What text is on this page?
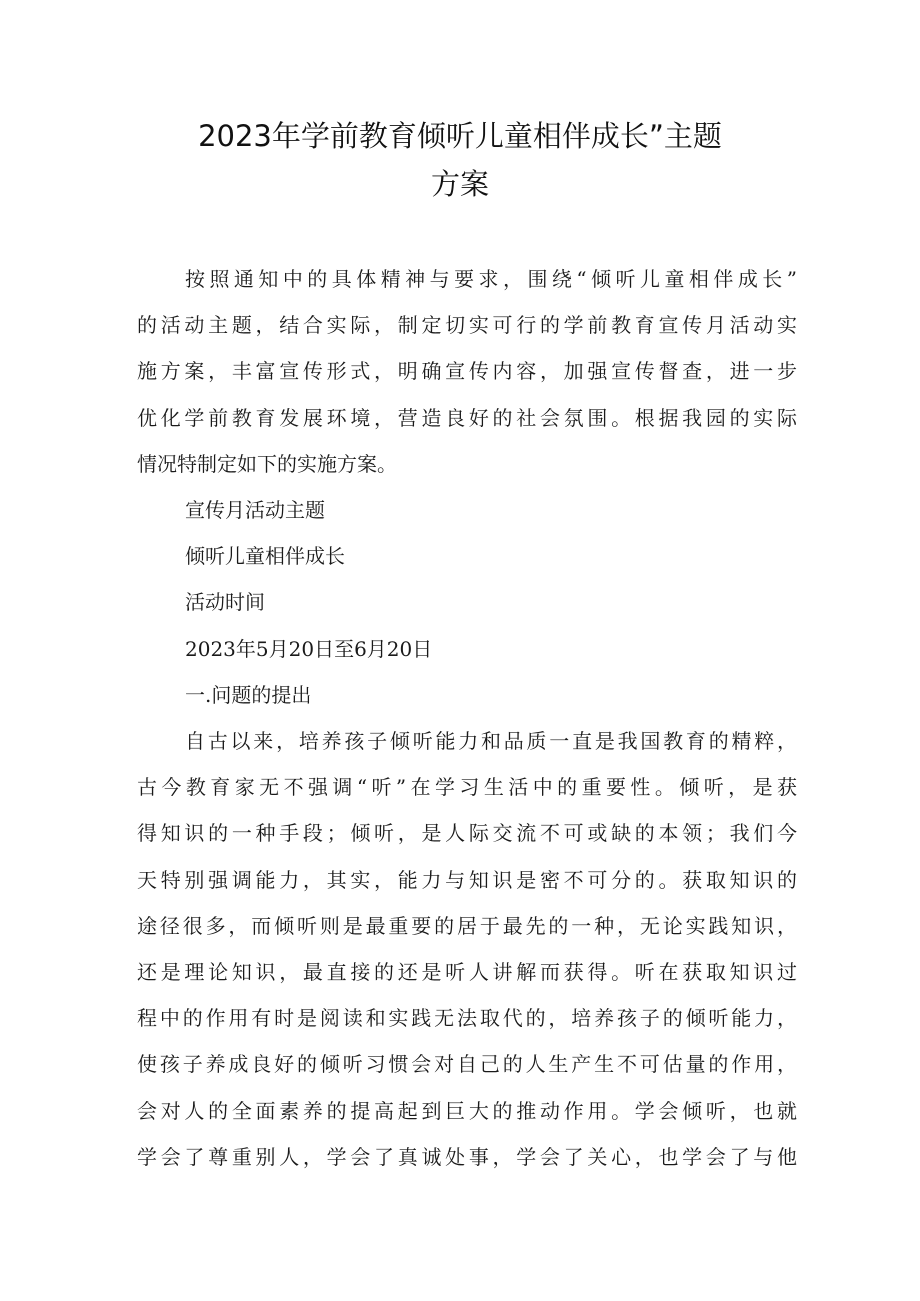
2023年学前教育倾听儿童相伴成长”主题
方案
按照通知中的具体精神与要求，围绕“倾听儿童相伴成长”
的活动主题，结合实际，制定切实可行的学前教育宣传月活动实
施方案，丰富宣传形式，明确宣传内容，加强宣传督查，进一步
优化学前教育发展环境，营造良好的社会氛围。根据我园的实际
情况特制定如下的实施方案。
宣传月活动主题
倾听儿童相伴成长
活动时间
2023年5月20日至6月20日
一.问题的提出
自古以来，培养孩子倾听能力和品质一直是我国教育的精粹，
古今教育家无不强调“听”在学习生活中的重要性。倾听，是获
得知识的一种手段；倾听，是人际交流不可或缺的本领；我们今
天特别强调能力，其实，能力与知识是密不可分的。获取知识的
途径很多，而倾听则是最重要的居于最先的一种，无论实践知识，
还是理论知识，最直接的还是听人讲解而获得。听在获取知识过
程中的作用有时是阅读和实践无法取代的，培养孩子的倾听能力，
使孩子养成良好的倾听习惯会对自己的人生产生不可估量的作用，
会对人的全面素养的提高起到巨大的推动作用。学会倾听，也就
学会了尊重别人，学会了真诚处事，学会了关心，也学会了与他
